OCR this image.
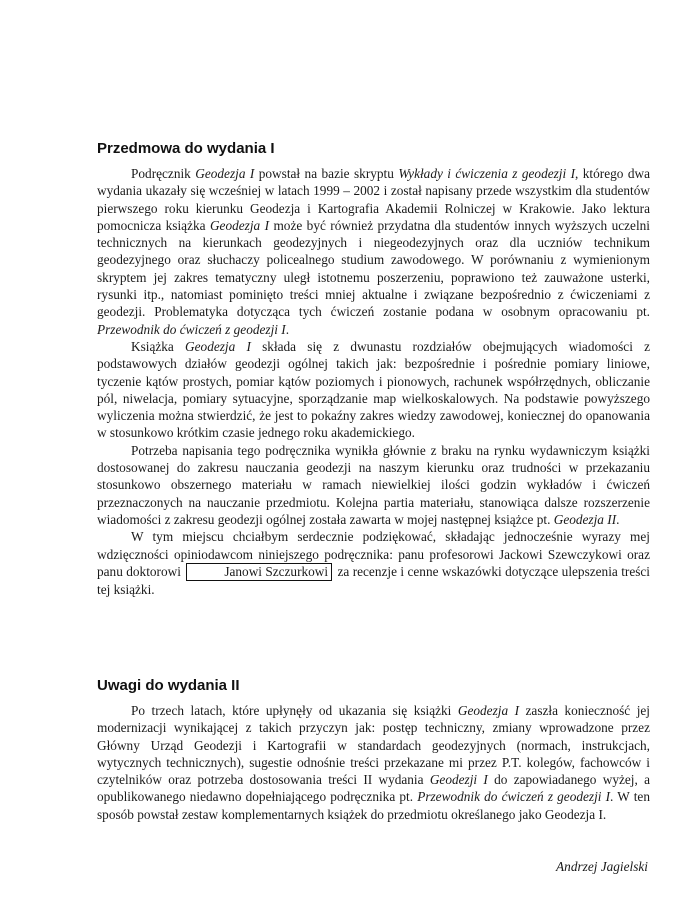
Przedmowa do wydania I

Podręcznik Geodezja I powstał na bazie skryptu Wykłady i ćwiczenia z geodezji I, którego dwa wydania ukazały się wcześniej w latach 1999 – 2002 i został napisany przede wszystkim dla studentów pierwszego roku kierunku Geodezja i Kartografia Akademii Rolniczej w Krakowie. Jako lektura pomocnicza książka Geodezja I może być również przydatna dla studentów innych wyższych uczelni technicznych na kierunkach geodezyjnych i niegeodezyjnych oraz dla uczniów technikum geodezyjnego oraz słuchaczy policealnego studium zawodowego. W porównaniu z wymienionym skryptem jej zakres tematyczny uległ istotnemu poszerzeniu, poprawiono też zauważone usterki, rysunki itp., natomiast pominięto treści mniej aktualne i związane bezpośrednio z ćwiczeniami z geodezji. Problematyka dotycząca tych ćwiczeń zostanie podana w osobnym opracowaniu pt. Przewodnik do ćwiczeń z geodezji I.

Książka Geodezja I składa się z dwunastu rozdziałów obejmujących wiadomości z podstawowych działów geodezji ogólnej takich jak: bezpośrednie i pośrednie pomiary liniowe, tyczenie kątów prostych, pomiar kątów poziomych i pionowych, rachunek współrzędnych, obliczanie pól, niwelacja, pomiary sytuacyjne, sporządzanie map wielkoskalowych. Na podstawie powyższego wyliczenia można stwierdzić, że jest to pokaźny zakres wiedzy zawodowej, koniecznej do opanowania w stosunkowo krótkim czasie jednego roku akademickiego.

Potrzeba napisania tego podręcznika wynikła głównie z braku na rynku wydawniczym książki dostosowanej do zakresu nauczania geodezji na naszym kierunku oraz trudności w przekazaniu stosunkowo obszernego materiału w ramach niewielkiej ilości godzin wykładów i ćwiczeń przeznaczonych na nauczanie przedmiotu. Kolejna partia materiału, stanowiąca dalsze rozszerzenie wiadomości z zakresu geodezji ogólnej została zawarta w mojej następnej książce pt. Geodezja II.

W tym miejscu chciałbym serdecznie podziękować, składając jednocześnie wyrazy mej wdzięczności opiniodawcom niniejszego podręcznika: panu profesorowi Jackowi Szewczykowi oraz panu doktorowi	Janowi Szczurkowi za recenzje i cenne wskazówki dotyczące ulepszenia treści tej książki.

Uwagi do wydania II

Po trzech latach, które upłynęły od ukazania się książki Geodezja I zaszła konieczność jej modernizacji wynikającej z takich przyczyn jak: postęp techniczny, zmiany wprowadzone przez Główny Urząd Geodezji i Kartografii w standardach geodezyjnych (normach, instrukcjach, wytycznych technicznych), sugestie odnośnie treści przekazane mi przez P.T. kolegów, fachowców i czytelników oraz potrzeba dostosowania treści II wydania Geodezji I do zapowiadanego wyżej, a opublikowanego niedawno dopełniającego podręcznika pt. Przewodnik do ćwiczeń z geodezji I. W ten sposób powstał zestaw komplementarnych książek do przedmiotu określanego jako Geodezja I.

Andrzej Jagielski
